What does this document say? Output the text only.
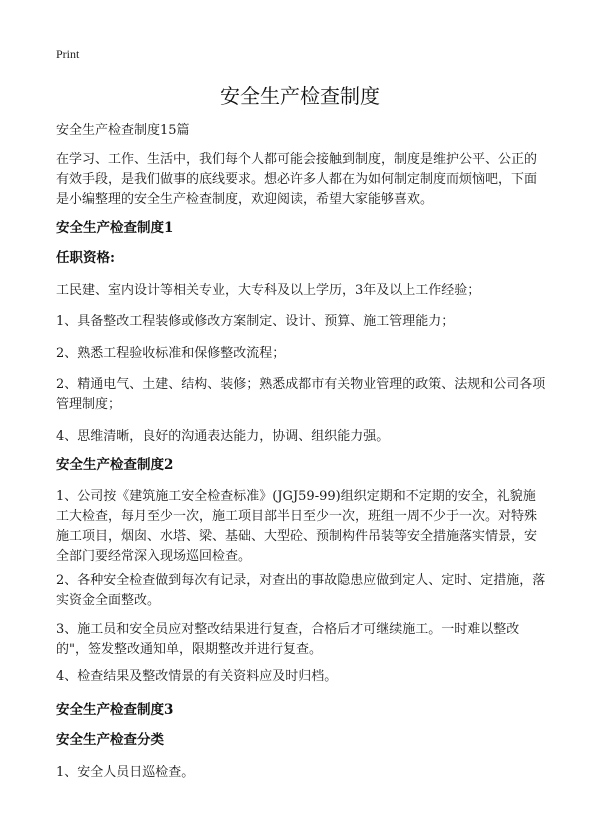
Print
安全生产检查制度
安全生产检查制度15篇
在学习、工作、生活中，我们每个人都可能会接触到制度，制度是维护公平、公正的有效手段，是我们做事的底线要求。想必许多人都在为如何制定制度而烦恼吧，下面是小编整理的安全生产检查制度，欢迎阅读，希望大家能够喜欢。
安全生产检查制度1
任职资格:
工民建、室内设计等相关专业，大专科及以上学历，3年及以上工作经验；
1、具备整改工程装修或修改方案制定、设计、预算、施工管理能力；
2、熟悉工程验收标准和保修整改流程；
2、精通电气、土建、结构、装修；熟悉成都市有关物业管理的政策、法规和公司各项管理制度；
4、思维清晰，良好的沟通表达能力，协调、组织能力强。
安全生产检查制度2
1、公司按《建筑施工安全检查标准》(JGJ59-99)组织定期和不定期的安全，礼貌施工大检查，每月至少一次，施工项目部半日至少一次，班组一周不少于一次。对特殊施工项目，烟囱、水塔、梁、基础、大型砼、预制构件吊装等安全措施落实情景，安全部门要经常深入现场巡回检查。
2、各种安全检查做到每次有记录，对查出的事故隐患应做到定人、定时、定措施，落实资金全面整改。
3、施工员和安全员应对整改结果进行复查，合格后才可继续施工。一时难以整改的"，签发整改通知单，限期整改并进行复查。
4、检查结果及整改情景的有关资料应及时归档。
安全生产检查制度3
安全生产检查分类
1、安全人员日巡检查。
